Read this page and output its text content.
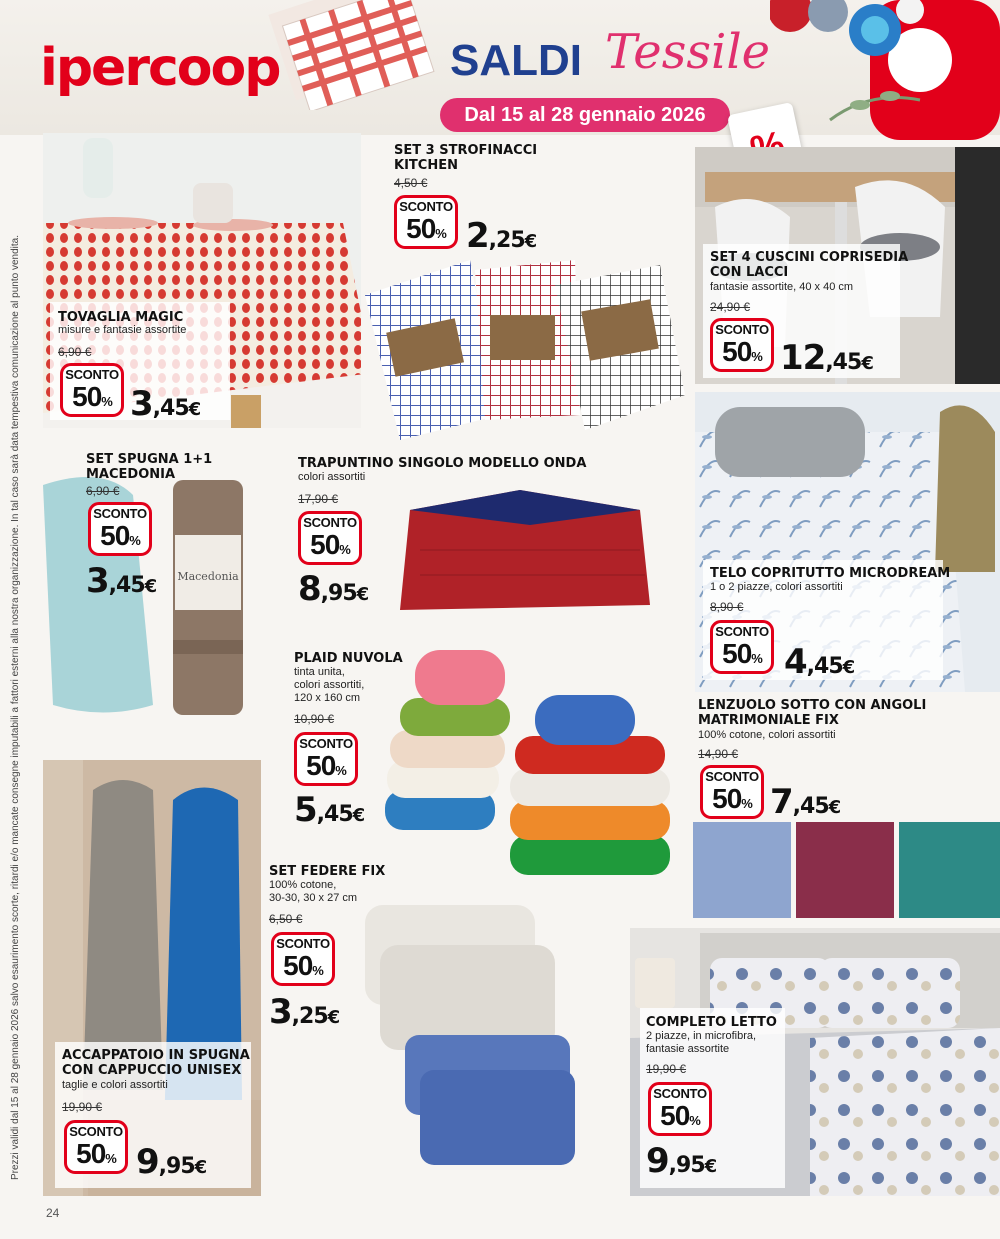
ipercoop	SALDI Tessile
Dal 15 al 28 gennaio 2026
Prezzi validi dal 15 al 28 gennaio 2026 salvo esaurimento scorte, ritardi e/o mancate consegne imputabili a fattori esterni alla nostra organizzazione. In tal caso sarà data tempestiva comunicazione al punto vendita.	Macedonia
SET 3 STROFINACCI
KITCHEN
4,50 €
SCONTO
50% 2,25€
TOVAGLIA MAGIC
misure e fantasie assortite
6,90 €
SCONTO
50% 3,45€
SET 4 CUSCINI COPRISEDIA
CON LACCI
fantasie assortite, 40 x 40 cm
24,90 €
SCONTO
50% 12,45€
SET SPUGNA 1+1
MACEDONIA
6,90 €
SCONTO
50%
3,45€
TRAPUNTINO SINGOLO MODELLO ONDA
colori assortiti
17,90 €
SCONTO
50%
8,95€
TELO COPRITUTTO MICRODREAM
1 o 2 piazze, colori assortiti
8,90 €
SCONTO
50% 4,45€
PLAID NUVOLA
tinta unita,
colori assortiti,
120 x 160 cm
10,90 €
SCONTO
50%
5,45€
LENZUOLO SOTTO CON ANGOLI
MATRIMONIALE FIX
100% cotone, colori assortiti
14,90 €
SCONTO
50% 7,45€
SET FEDERE FIX
100% cotone,
30-30, 30 x 27 cm
6,50 €
SCONTO
50%
3,25€
ACCAPPATOIO IN SPUGNA
CON CAPPUCCIO UNISEX
taglie e colori assortiti
19,90 €
SCONTO
50% 9,95€
COMPLETO LETTO
2 piazze, in microfibra,
fantasie assortite
19,90 €
SCONTO
50%
9,95€
24
